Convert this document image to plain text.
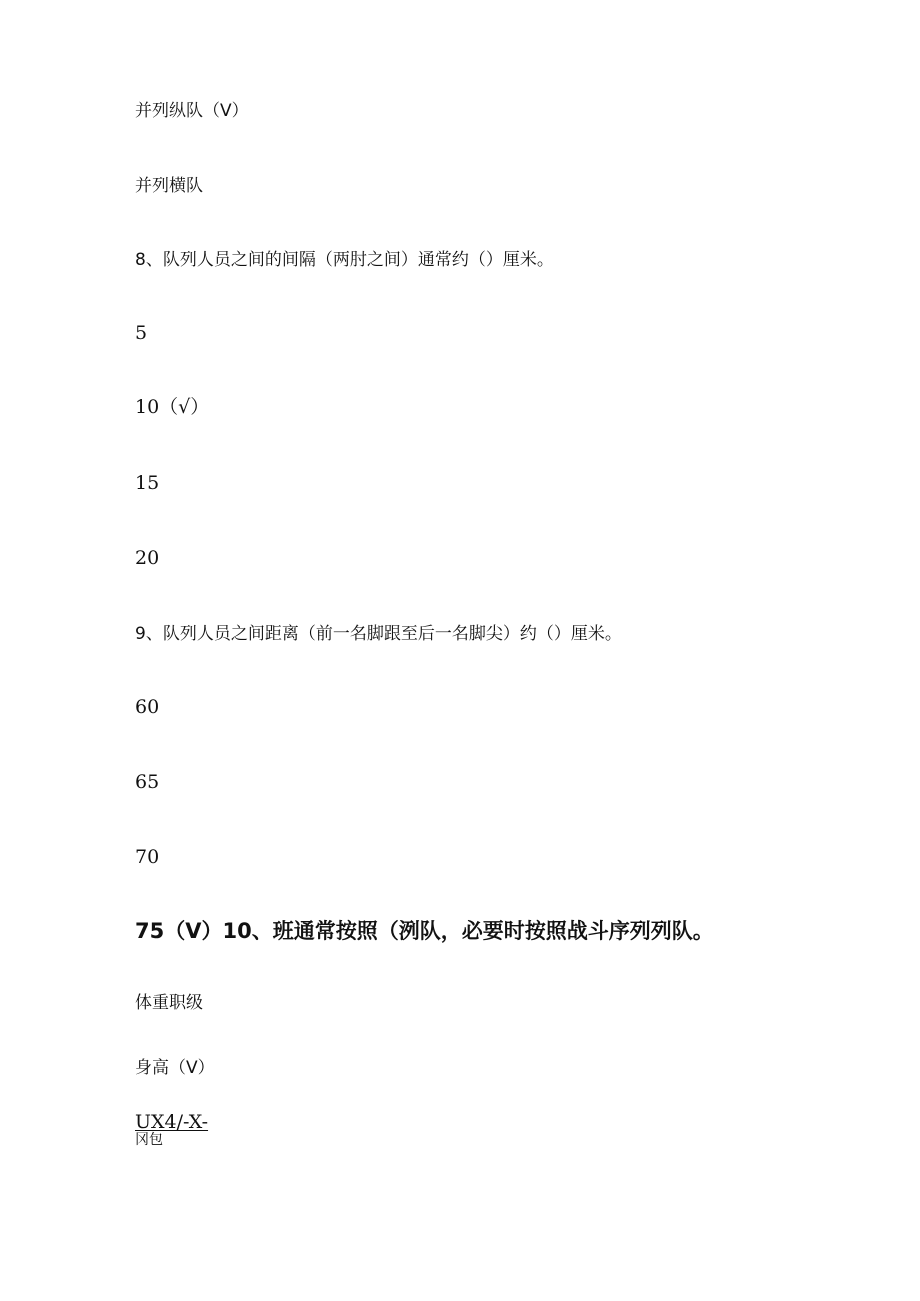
并列纵队（V）
并列横队
8、队列人员之间的间隔（两肘之间）通常约（）厘米。
5
10（√）
15
20
9、队列人员之间距离（前一名脚跟至后一名脚尖）约（）厘米。
60
65
70
75（V）10、班通常按照（洌队，必要时按照战斗序列列队。
体重职级
身高（V）
UX4/-X-
冈包
